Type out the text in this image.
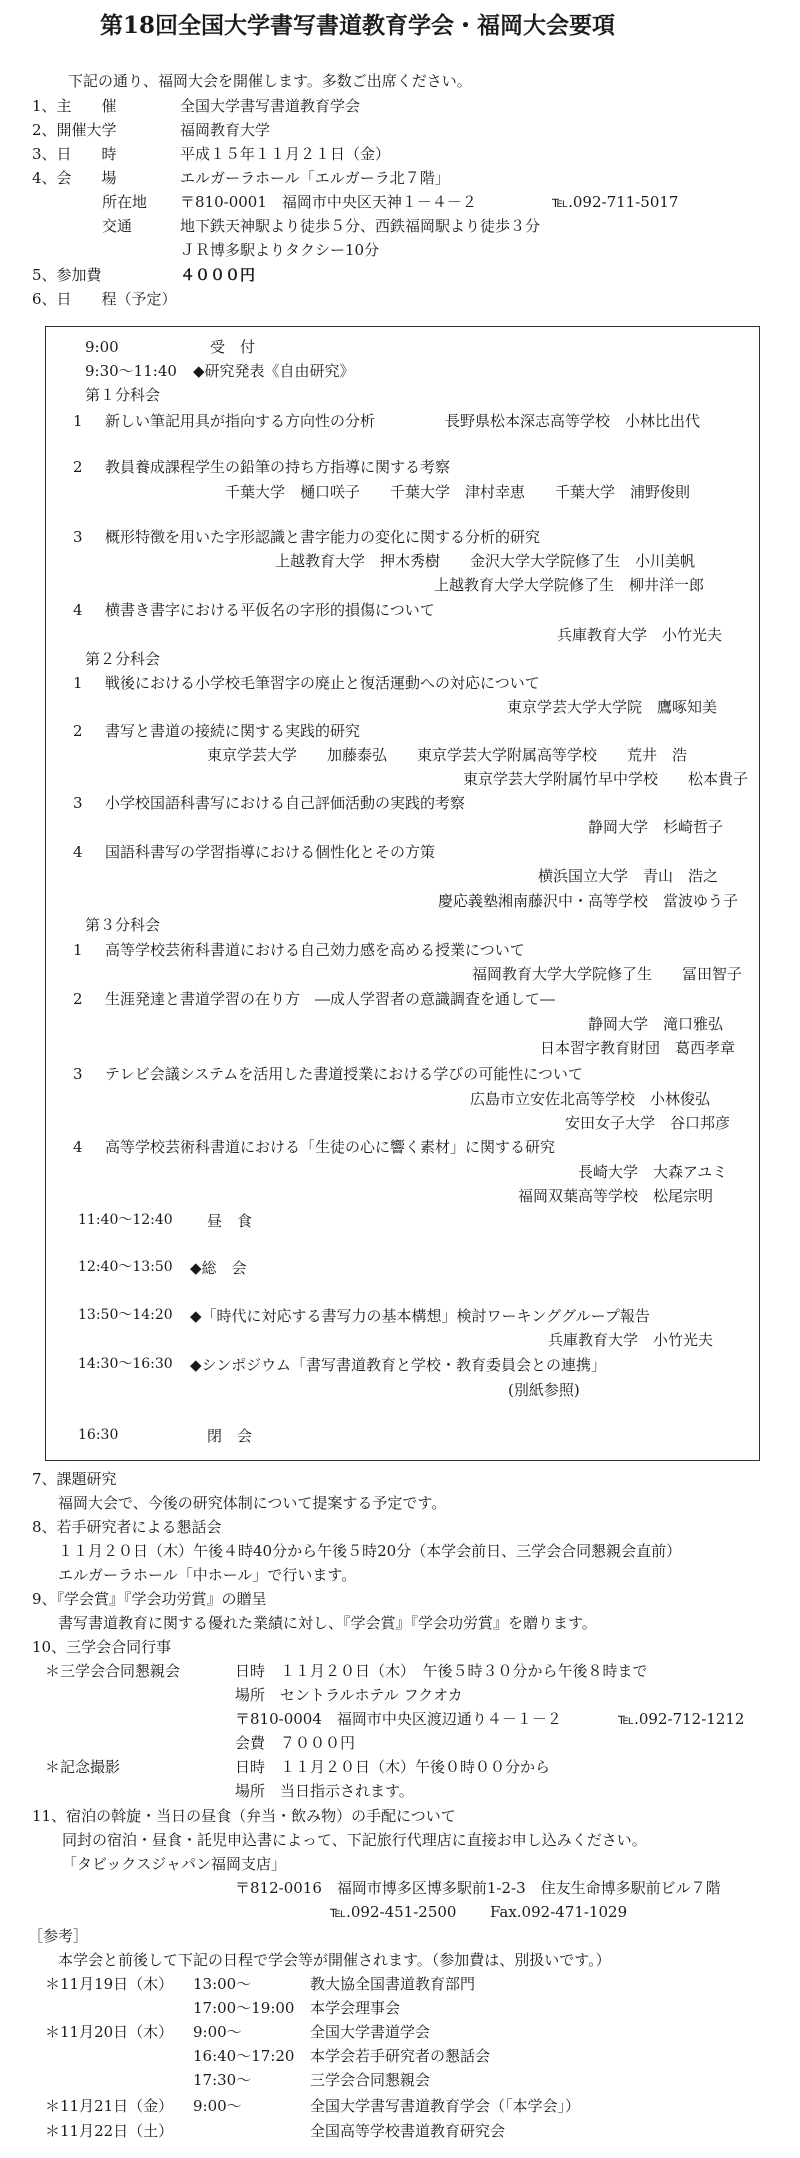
第18回全国大学書写書道教育学会・福岡大会要項
下記の通り、福岡大会を開催します。多数ご出席ください。
1、主　　催	全国大学書写書道教育学会
2、開催大学	福岡教育大学
3、日　　時	平成１５年１１月２１日（金）
4、会　　場	エルガーラホール「エルガーラ北７階」
所在地 〒810-0001　福岡市中央区天神１－４－２	℡.092-711-5017
交通	地下鉄天神駅より徒歩５分、西鉄福岡駅より徒歩３分
ＪＲ博多駅よりタクシー10分
5、参加費	４０００円
6、日　　程（予定）
9:00	受　付
9:30～11:40 ◆研究発表《自由研究》
第１分科会
1 新しい筆記用具が指向する方向性の分析	長野県松本深志高等学校　小林比出代
2 教員養成課程学生の鉛筆の持ち方指導に関する考察
千葉大学　樋口咲子　　千葉大学　津村幸恵　　千葉大学　浦野俊則
3 概形特徴を用いた字形認識と書字能力の変化に関する分析的研究
上越教育大学　押木秀樹　　金沢大学大学院修了生　小川美帆
上越教育大学大学院修了生　柳井洋一郎
4 横書き書字における平仮名の字形的損傷について
兵庫教育大学　小竹光夫
第２分科会
1 戦後における小学校毛筆習字の廃止と復活運動への対応について
東京学芸大学大学院　鷹啄知美
2 書写と書道の接続に関する実践的研究
東京学芸大学　　加藤泰弘　　東京学芸大学附属高等学校　　荒井　浩
東京学芸大学附属竹早中学校　　松本貴子
3 小学校国語科書写における自己評価活動の実践的考察
静岡大学　杉崎哲子
4 国語科書写の学習指導における個性化とその方策
横浜国立大学　青山　浩之
慶応義塾湘南藤沢中・高等学校　當波ゆう子
第３分科会
1 高等学校芸術科書道における自己効力感を高める授業について
福岡教育大学大学院修了生　　冨田智子
2 生涯発達と書道学習の在り方　―成人学習者の意識調査を通して―
静岡大学　滝口雅弘
日本習字教育財団　葛西孝章
3 テレビ会議システムを活用した書道授業における学びの可能性について
広島市立安佐北高等学校　小林俊弘
安田女子大学　谷口邦彦
4 高等学校芸術科書道における「生徒の心に響く素材」に関する研究
長崎大学　大森アユミ
福岡双葉高等学校　松尾宗明
11:40～12:40 昼　食
12:40～13:50 ◆総　会
13:50～14:20 ◆「時代に対応する書写力の基本構想」検討ワーキンググループ報告
兵庫教育大学　小竹光夫
14:30～16:30 ◆シンポジウム「書写書道教育と学校・教育委員会との連携」
(別紙参照)
16:30	閉　会
7、課題研究
福岡大会で、今後の研究体制について提案する予定です。
8、若手研究者による懇話会
１１月２０日（木）午後４時40分から午後５時20分（本学会前日、三学会合同懇親会直前）
エルガーラホール「中ホール」で行います。
9、『学会賞』『学会功労賞』の贈呈
書写書道教育に関する優れた業績に対し、『学会賞』『学会功労賞』を贈ります。
10、三学会合同行事
＊三学会合同懇親会	日時　１１月２０日（木）　午後５時３０分から午後８時まで
場所　セントラルホテル フクオカ
〒810-0004　福岡市中央区渡辺通り４－１－２	℡.092-712-1212
会費　７０００円
＊記念撮影	日時　１１月２０日（木）午後０時００分から
場所　当日指示されます。
11、宿泊の斡旋・当日の昼食（弁当・飲み物）の手配について
同封の宿泊・昼食・託児申込書によって、下記旅行代理店に直接お申し込みください。
「タビックスジャパン福岡支店」
〒812-0016　福岡市博多区博多駅前1-2-3　住友生命博多駅前ビル７階
℡.092-451-2500 Fax.092-471-1029
［参考］
本学会と前後して下記の日程で学会等が開催されます。（参加費は、別扱いです。）
＊11月19日（木） 13:00～	教大協全国書道教育部門
17:00～19:00 本学会理事会
＊11月20日（木） 9:00～	全国大学書道学会
16:40～17:20 本学会若手研究者の懇話会
17:30～	三学会合同懇親会
＊11月21日（金） 9:00～	全国大学書写書道教育学会（「本学会」）
＊11月22日（土）	全国高等学校書道教育研究会
